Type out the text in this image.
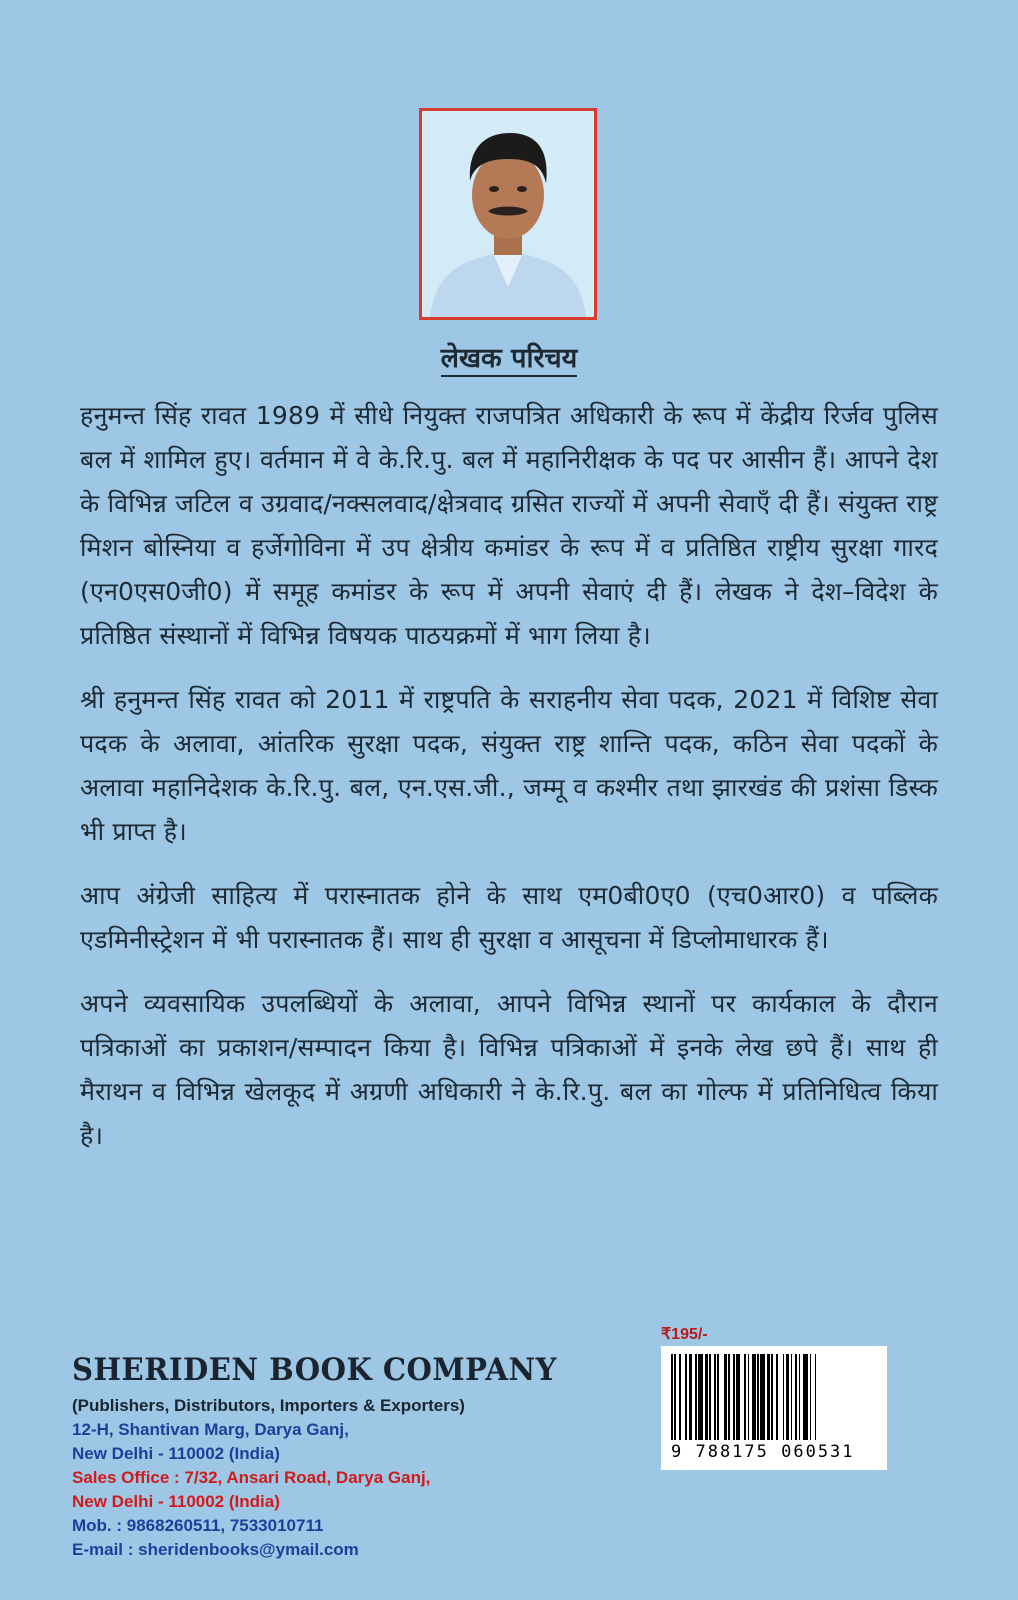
लेखक परिचय

हनुमन्त सिंह रावत 1989 में सीधे नियुक्त राजपत्रित अधिकारी के रूप में केंद्रीय रिर्जव पुलिस बल में शामिल हुए। वर्तमान में वे के.रि.पु. बल में महानिरीक्षक के पद पर आसीन हैं। आपने देश के विभिन्न जटिल व उग्रवाद/नक्सलवाद/क्षेत्रवाद ग्रसित राज्यों में अपनी सेवाएँ दी हैं। संयुक्त राष्ट्र मिशन बोस्निया व हर्जेगोविना में उप क्षेत्रीय कमांडर के रूप में व प्रतिष्ठित राष्ट्रीय सुरक्षा गारद (एन0एस0जी0) में समूह कमांडर के रूप में अपनी सेवाएं दी हैं। लेखक ने देश–विदेश के प्रतिष्ठित संस्थानों में विभिन्न विषयक पाठयक्रमों में भाग लिया है।

श्री हनुमन्त सिंह रावत को 2011 में राष्ट्रपति के सराहनीय सेवा पदक, 2021 में विशिष्ट सेवा पदक के अलावा, आंतरिक सुरक्षा पदक, संयुक्त राष्ट्र शान्ति पदक, कठिन सेवा पदकों के अलावा महानिदेशक के.रि.पु. बल, एन.एस.जी., जम्मू व कश्मीर तथा झारखंड की प्रशंसा डिस्क भी प्राप्त है।

आप अंग्रेजी साहित्य में परास्नातक होने के साथ एम0बी0ए0 (एच0आर0) व पब्लिक एडमिनीस्ट्रेशन में भी परास्नातक हैं। साथ ही सुरक्षा व आसूचना में डिप्लोमाधारक हैं।

अपने व्यवसायिक उपलब्धियों के अलावा, आपने विभिन्न स्थानों पर कार्यकाल के दौरान पत्रिकाओं का प्रकाशन/सम्पादन किया है। विभिन्न पत्रिकाओं में इनके लेख छपे हैं। साथ ही मैराथन व विभिन्न खेलकूद में अग्रणी अधिकारी ने के.रि.पु. बल का गोल्फ में प्रतिनिधित्व किया है।

SHERIDEN BOOK COMPANY
(Publishers, Distributors, Importers & Exporters)
12-H, Shantivan Marg, Darya Ganj,
New Delhi - 110002 (India)
Sales Office : 7/32, Ansari Road, Darya Ganj,
New Delhi - 110002 (India)
Mob. : 9868260511, 7533010711
E-mail : sheridenbooks@ymail.com
₹195/-
9 788175 060531
